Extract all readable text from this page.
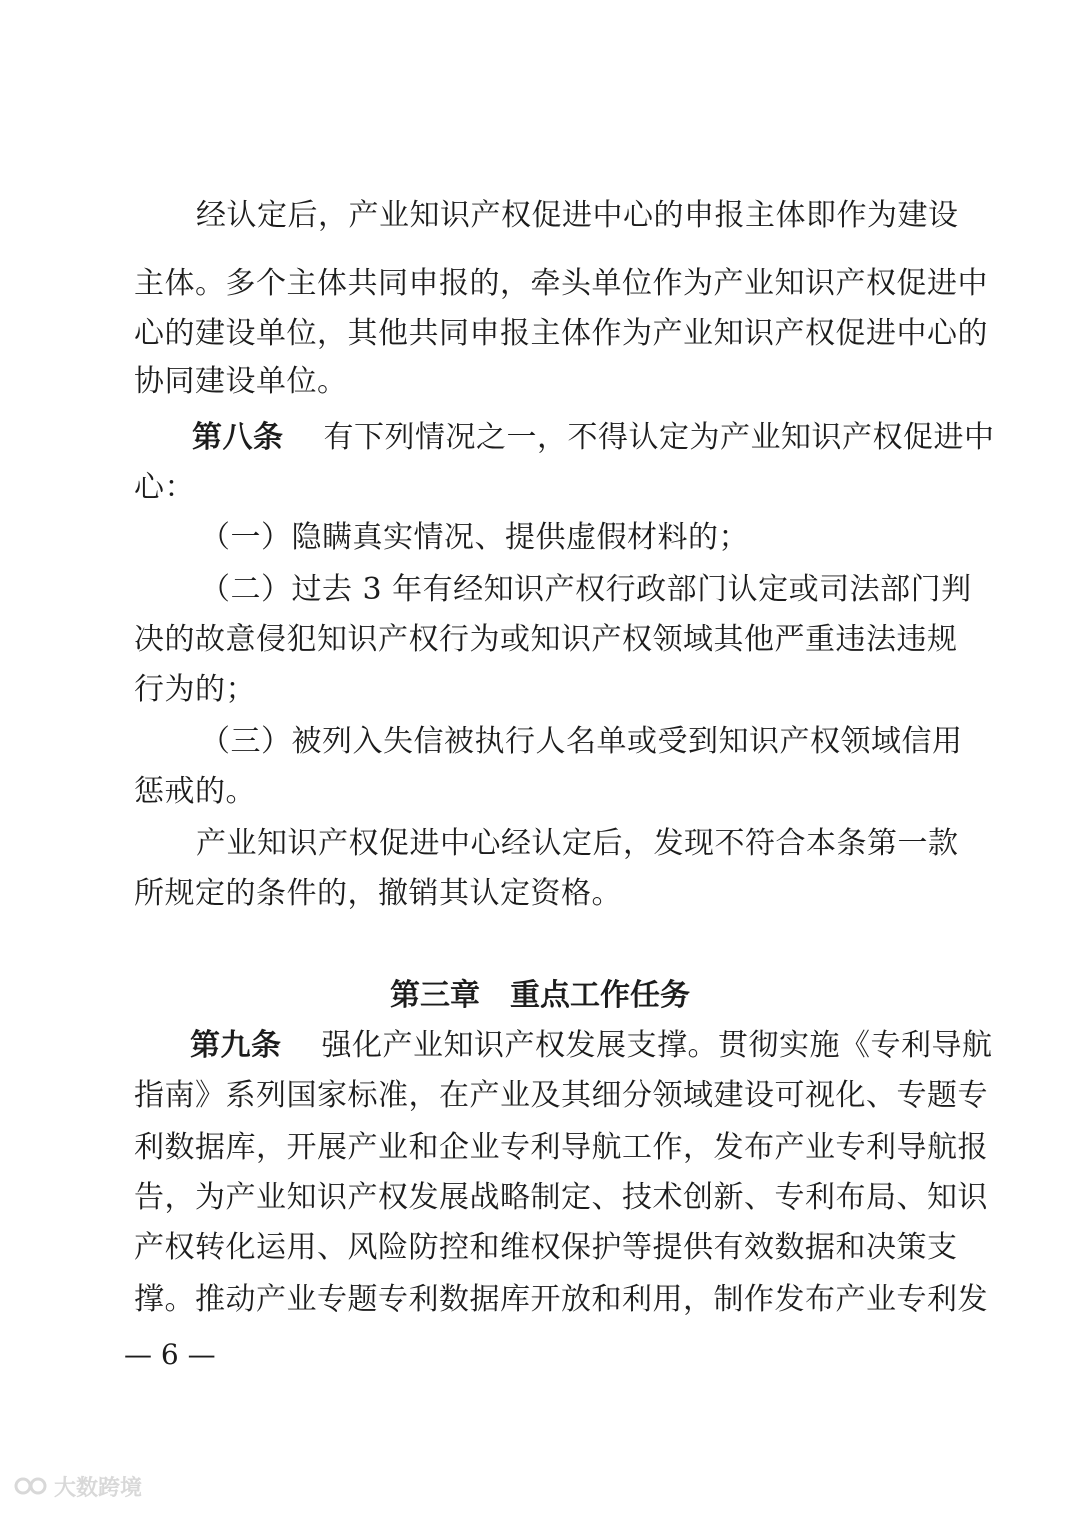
经认定后，产业知识产权促进中心的申报主体即作为建设
主体。多个主体共同申报的，牵头单位作为产业知识产权促进中
心的建设单位，其他共同申报主体作为产业知识产权促进中心的
协同建设单位。
第八条 有下列情况之一，不得认定为产业知识产权促进中
心：
（一）隐瞒真实情况、提供虚假材料的；
（二）过去 3 年有经知识产权行政部门认定或司法部门判
决的故意侵犯知识产权行为或知识产权领域其他严重违法违规
行为的；
（三）被列入失信被执行人名单或受到知识产权领域信用
惩戒的。
产业知识产权促进中心经认定后，发现不符合本条第一款
所规定的条件的，撤销其认定资格。
第三章　重点工作任务
第九条 强化产业知识产权发展支撑。贯彻实施《专利导航
指南》系列国家标准，在产业及其细分领域建设可视化、专题专
利数据库，开展产业和企业专利导航工作，发布产业专利导航报
告，为产业知识产权发展战略制定、技术创新、专利布局、知识
产权转化运用、风险防控和维权保护等提供有效数据和决策支
撑。推动产业专题专利数据库开放和利用，制作发布产业专利发
— 6 —
大数跨境
